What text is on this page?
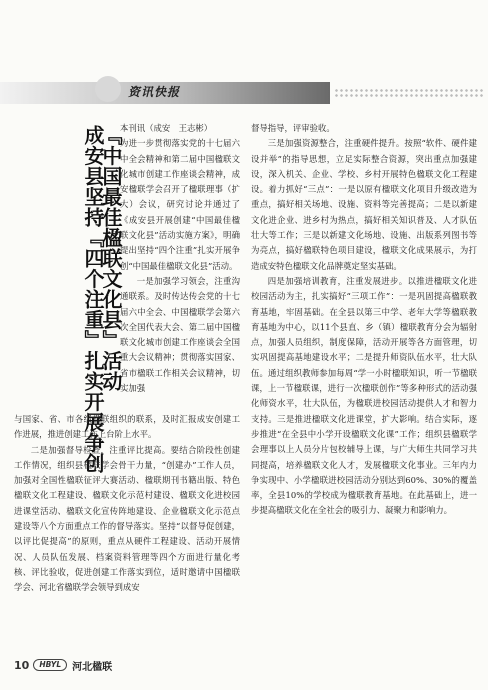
资讯快报
成安县坚持『四个注重』扎实开展争创
『中国最佳楹联文化县』活动

本刊讯（成安　王志彬）

为进一步贯彻落实党的十七届六中全会精神和第二届中国楹联文化城市创建工作座谈会精神，成安楹联学会召开了楹联理事（扩大）会议，研究讨论并通过了《成安县开展创建“中国最佳楹联文化县”活动实施方案》，明确提出坚持“四个注重”扎实开展争创“中国最佳楹联文化县”活动。

一是加强学习领会，注重沟通联系。及时传达传会党的十七届六中全会、中国楹联学会第六次全国代表大会、第二届中国楹联文化城市创建工作座谈会全国重大会议精神；贯彻落实国家、省市楹联工作相关会议精神，切实加强

与国家、省、市各级楹联组织的联系，及时汇报成安创建工作进展，推进创建工作上台阶上水平。

二是加强督导检查，注重评比提高。要结合阶段性创建工作情况，组织县楹联学会骨干力量，“创建办”工作人员，加强对全国性楹联征评大赛活动、楹联期刊书籍出版、特色楹联文化工程建设、楹联文化示范村建设、楹联文化进校园进课堂活动、楹联文化宣传阵地建设、企业楹联文化示范点建设等八个方面重点工作的督导落实。坚持“以督导促创建，以评比促提高”的原则，重点从硬件工程建设、活动开展情况、人员队伍发展、档案资料管理等四个方面进行量化考核、评比验收，促进创建工作落实到位，适时邀请中国楹联学会、河北省楹联学会领导到成安

督导指导，评审验收。

三是加强资源整合，注重硬件提升。按照“软件、硬件建设并举”的指导思想，立足实际整合资源，突出重点加强建设，深入机关、企业、学校、乡村开展特色楹联文化工程建设。着力抓好“三点”：一是以原有楹联文化项目升级改造为重点，搞好相关场地、设施、资料等完善提高；二是以新建文化进企业、进乡村为热点，搞好相关知识普及、人才队伍壮大等工作；三是以新建文化场地、设施、出版系列图书等为亮点，搞好楹联特色项目建设，楹联文化成果展示，为打造成安特色楹联文化品牌奠定坚实基础。

四是加强培训教育，注重发展进步。以推进楹联文化进校园活动为主，扎实搞好“三项工作”：一是巩固提高楹联教育基地，牢固基础。在全县以第三中学、老年大学等楹联教育基地为中心，以11个县直、乡（镇）楹联教育分会为辐射点，加强人员组织，制度保障，活动开展等各方面管理，切实巩固提高基地建设水平；二是提升师资队伍水平，壮大队伍。通过组织教师参加每周“学一小时楹联知识，听一节楹联课，上一节楹联课，进行一次楹联创作”等多种形式的活动强化师资水平，壮大队伍，为楹联进校园活动提供人才和智力支持。三是推进楹联文化进课堂，扩大影响。结合实际，逐步推进“在全县中小学开设楹联文化课”工作；组织县楹联学会理事以上人员分片包校辅导上课，与广大师生共同学习共同提高，培养楹联文化人才，发展楹联文化事业。三年内力争实现中、小学楹联进校园活动分别达到60%、30%的覆盖率，全县10%的学校成为楹联教育基地。在此基础上，进一步提高楹联文化在全社会的吸引力、凝聚力和影响力。

10	HBYL	河北楹联
